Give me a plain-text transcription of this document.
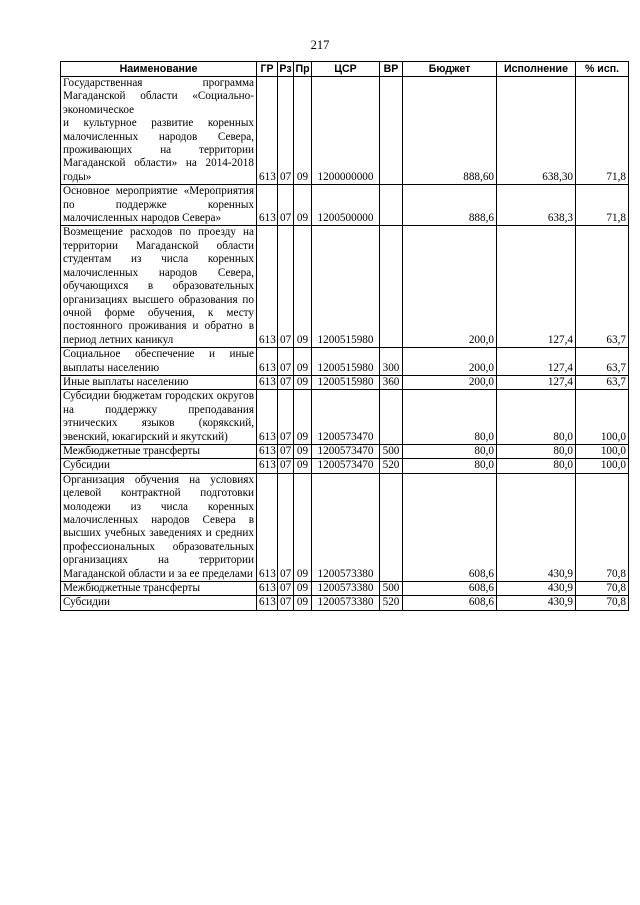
217
Наименование	ГР	Рз	Пр	ЦСР	ВР	Бюджет	Исполнение	% исп.
Государственная программа Магаданской области «Социально-экономическое
и культурное развитие коренных малочисленных народов Севера, проживающих на территории Магаданской области» на 2014-2018 годы»	613	07	09	1200000000		888,60	638,30	71,8
Основное мероприятие «Мероприятия по поддержке коренных малочисленных народов Севера»	613	07	09	1200500000		888,6	638,3	71,8
Возмещение расходов по проезду на территории Магаданской области студентам из числа коренных малочисленных народов Севера, обучающихся в образовательных организациях высшего образования по очной форме обучения, к месту постоянного проживания и обратно в период летних каникул	613	07	09	1200515980		200,0	127,4	63,7
Социальное обеспечение и иные выплаты населению	613	07	09	1200515980	300	200,0	127,4	63,7
Иные выплаты населению	613	07	09	1200515980	360	200,0	127,4	63,7
Субсидии бюджетам городских округов на поддержку преподавания этнических языков (корякский, эвенский, юкагирский и якутский)	613	07	09	1200573470		80,0	80,0	100,0
Межбюджетные трансферты	613	07	09	1200573470	500	80,0	80,0	100,0
Субсидии	613	07	09	1200573470	520	80,0	80,0	100,0
Организация обучения на условиях целевой контрактной подготовки молодежи из числа коренных малочисленных народов Севера в высших учебных заведениях и средних профессиональных образовательных организациях на территории Магаданской области и за ее пределами	613	07	09	1200573380		608,6	430,9	70,8
Межбюджетные трансферты	613	07	09	1200573380	500	608,6	430,9	70,8
Субсидии	613	07	09	1200573380	520	608,6	430,9	70,8
